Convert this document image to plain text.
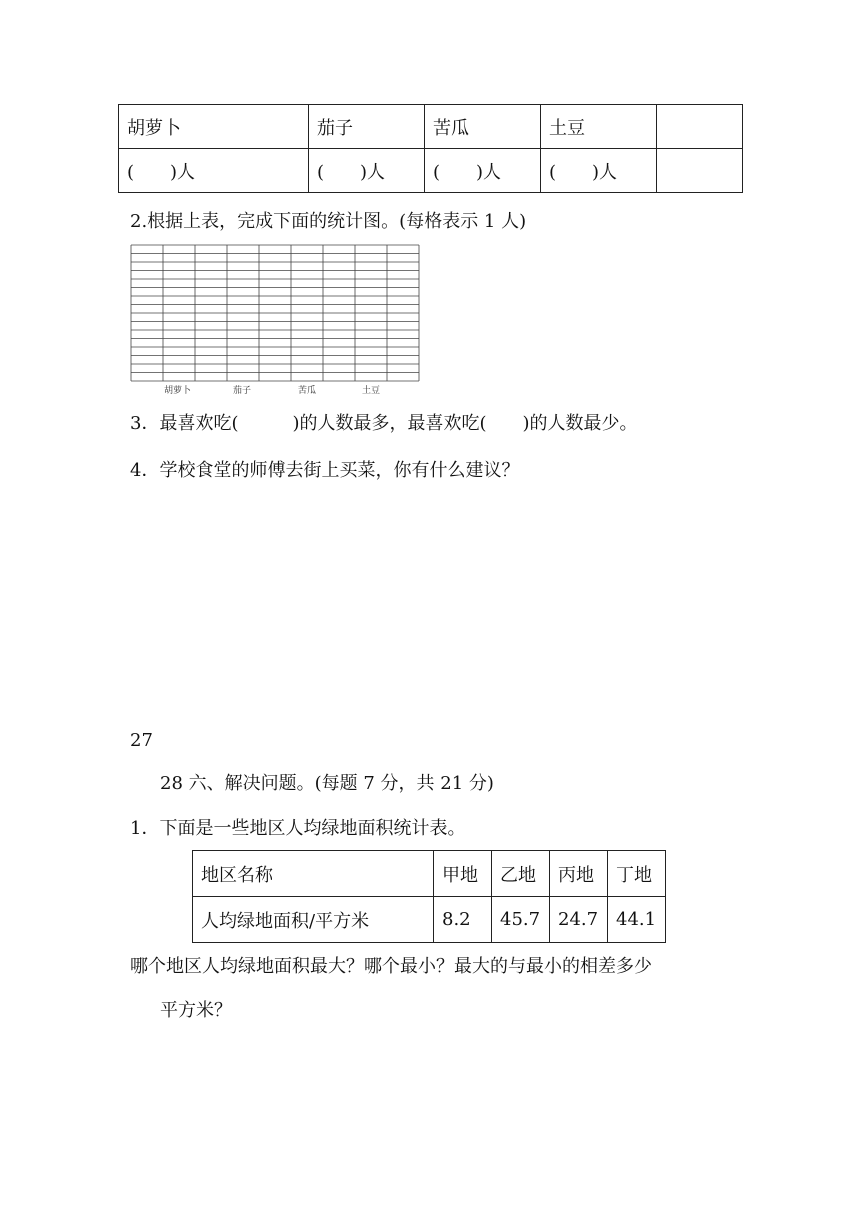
胡萝卜	茄子	苦瓜	土豆	
(　　)人	(　　)人	(　　)人	(　　)人	
2.根据上表，完成下面的统计图。(每格表示 1 人)
胡萝卜	茄子	苦瓜	土豆
3．最喜欢吃(　　　)的人数最多，最喜欢吃(　　)的人数最少。
4．学校食堂的师傅去街上买菜，你有什么建议？
27
28 六、解决问题。(每题 7 分，共 21 分)
1．下面是一些地区人均绿地面积统计表。
地区名称	甲地	乙地	丙地	丁地
人均绿地面积/平方米	8.2	45.7	24.7	44.1
哪个地区人均绿地面积最大？哪个最小？最大的与最小的相差多少
平方米？
